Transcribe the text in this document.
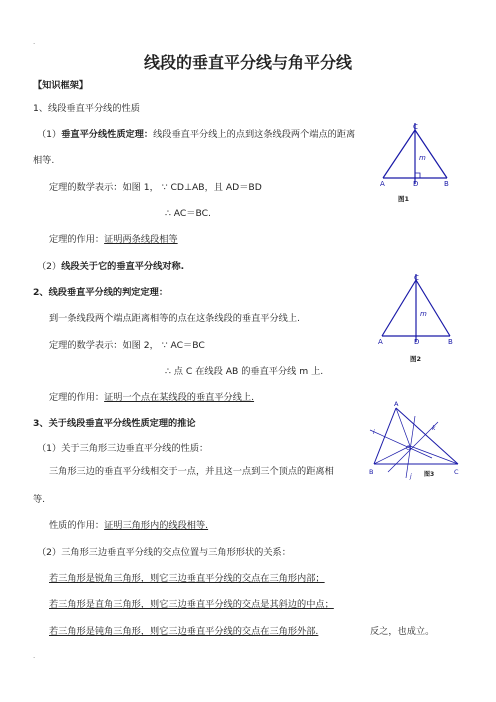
.
.
线段的垂直平分线与角平分线
【知识框架】
1、线段垂直平分线的性质
（1）垂直平分线性质定理：线段垂直平分线上的点到这条线段两个端点的距离
相等.
定理的数学表示：如图 1， ∵ CD⊥AB，且 AD＝BD
∴ AC＝BC.
定理的作用：证明两条线段相等
（2）线段关于它的垂直平分线对称.
2、线段垂直平分线的判定定理：
到一条线段两个端点距离相等的点在这条线段的垂直平分线上.
定理的数学表示：如图 2， ∵ AC＝BC
∴ 点 C 在线段 AB 的垂直平分线 m 上.
定理的作用：证明一个点在某线段的垂直平分线上.
3、关于线段垂直平分线性质定理的推论
（1）关于三角形三边垂直平分线的性质：
三角形三边的垂直平分线相交于一点，并且这一点到三个顶点的距离相
等.
性质的作用：证明三角形内的线段相等.
（2）三角形三边垂直平分线的交点位置与三角形形状的关系：
若三角形是锐角三角形，则它三边垂直平分线的交点在三角形内部；
若三角形是直角三角形，则它三边垂直平分线的交点是其斜边的中点；
若三角形是钝角三角形，则它三边垂直平分线的交点在三角形外部.	反之，也成立。
C
A	D	B
m
图1
C
A	D	B
m
图2
A
B	C
O
i
k
j 图3
